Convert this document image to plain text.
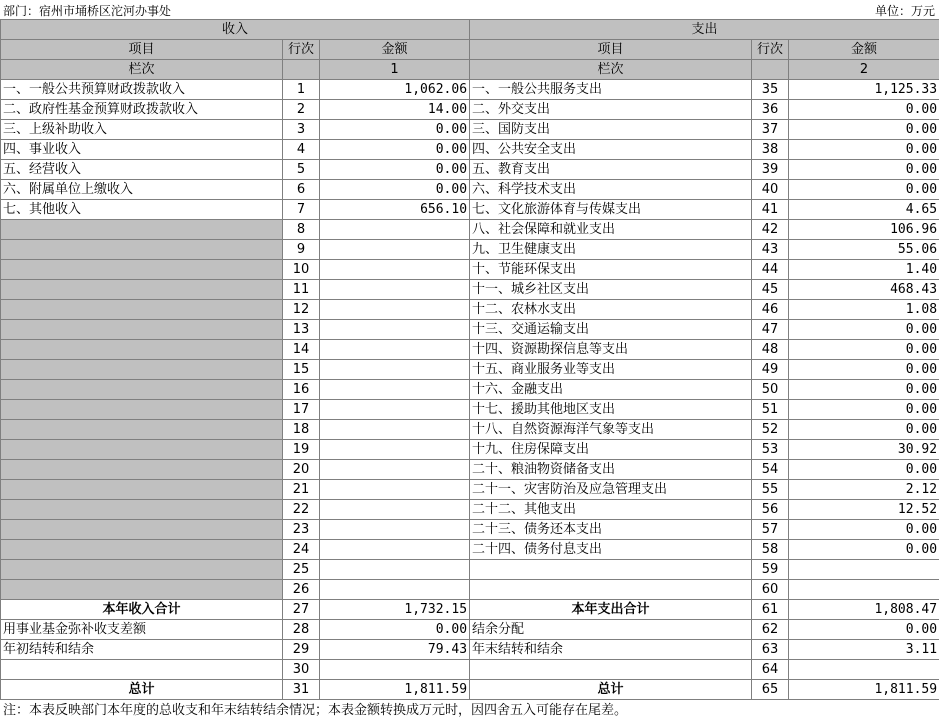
部门：宿州市埇桥区沱河办事处	单位：万元
收入			支出		
项目	行次	金额	项目	行次	金额
栏次		1	栏次		2
一、一般公共预算财政拨款收入	1	1,062.06	一、一般公共服务支出	35	1,125.33
二、政府性基金预算财政拨款收入	2	14.00	二、外交支出	36	0.00
三、上级补助收入	3	0.00	三、国防支出	37	0.00
四、事业收入	4	0.00	四、公共安全支出	38	0.00
五、经营收入	5	0.00	五、教育支出	39	0.00
六、附属单位上缴收入	6	0.00	六、科学技术支出	40	0.00
七、其他收入	7	656.10	七、文化旅游体育与传媒支出	41	4.65
	8		八、社会保障和就业支出	42	106.96
	9		九、卫生健康支出	43	55.06
	10		十、节能环保支出	44	1.40
	11		十一、城乡社区支出	45	468.43
	12		十二、农林水支出	46	1.08
	13		十三、交通运输支出	47	0.00
	14		十四、资源勘探信息等支出	48	0.00
	15		十五、商业服务业等支出	49	0.00
	16		十六、金融支出	50	0.00
	17		十七、援助其他地区支出	51	0.00
	18		十八、自然资源海洋气象等支出	52	0.00
	19		十九、住房保障支出	53	30.92
	20		二十、粮油物资储备支出	54	0.00
	21		二十一、灾害防治及应急管理支出	55	2.12
	22		二十二、其他支出	56	12.52
	23		二十三、债务还本支出	57	0.00
	24		二十四、债务付息支出	58	0.00
	25			59	
	26			60	
本年收入合计	27	1,732.15	本年支出合计	61	1,808.47
用事业基金弥补收支差额	28	0.00	结余分配	62	0.00
年初结转和结余	29	79.43	年末结转和结余	63	3.11
	30			64	
总计	31	1,811.59	总计	65	1,811.59
注：本表反映部门本年度的总收支和年末结转结余情况；本表金额转换成万元时，因四舍五入可能存在尾差。
